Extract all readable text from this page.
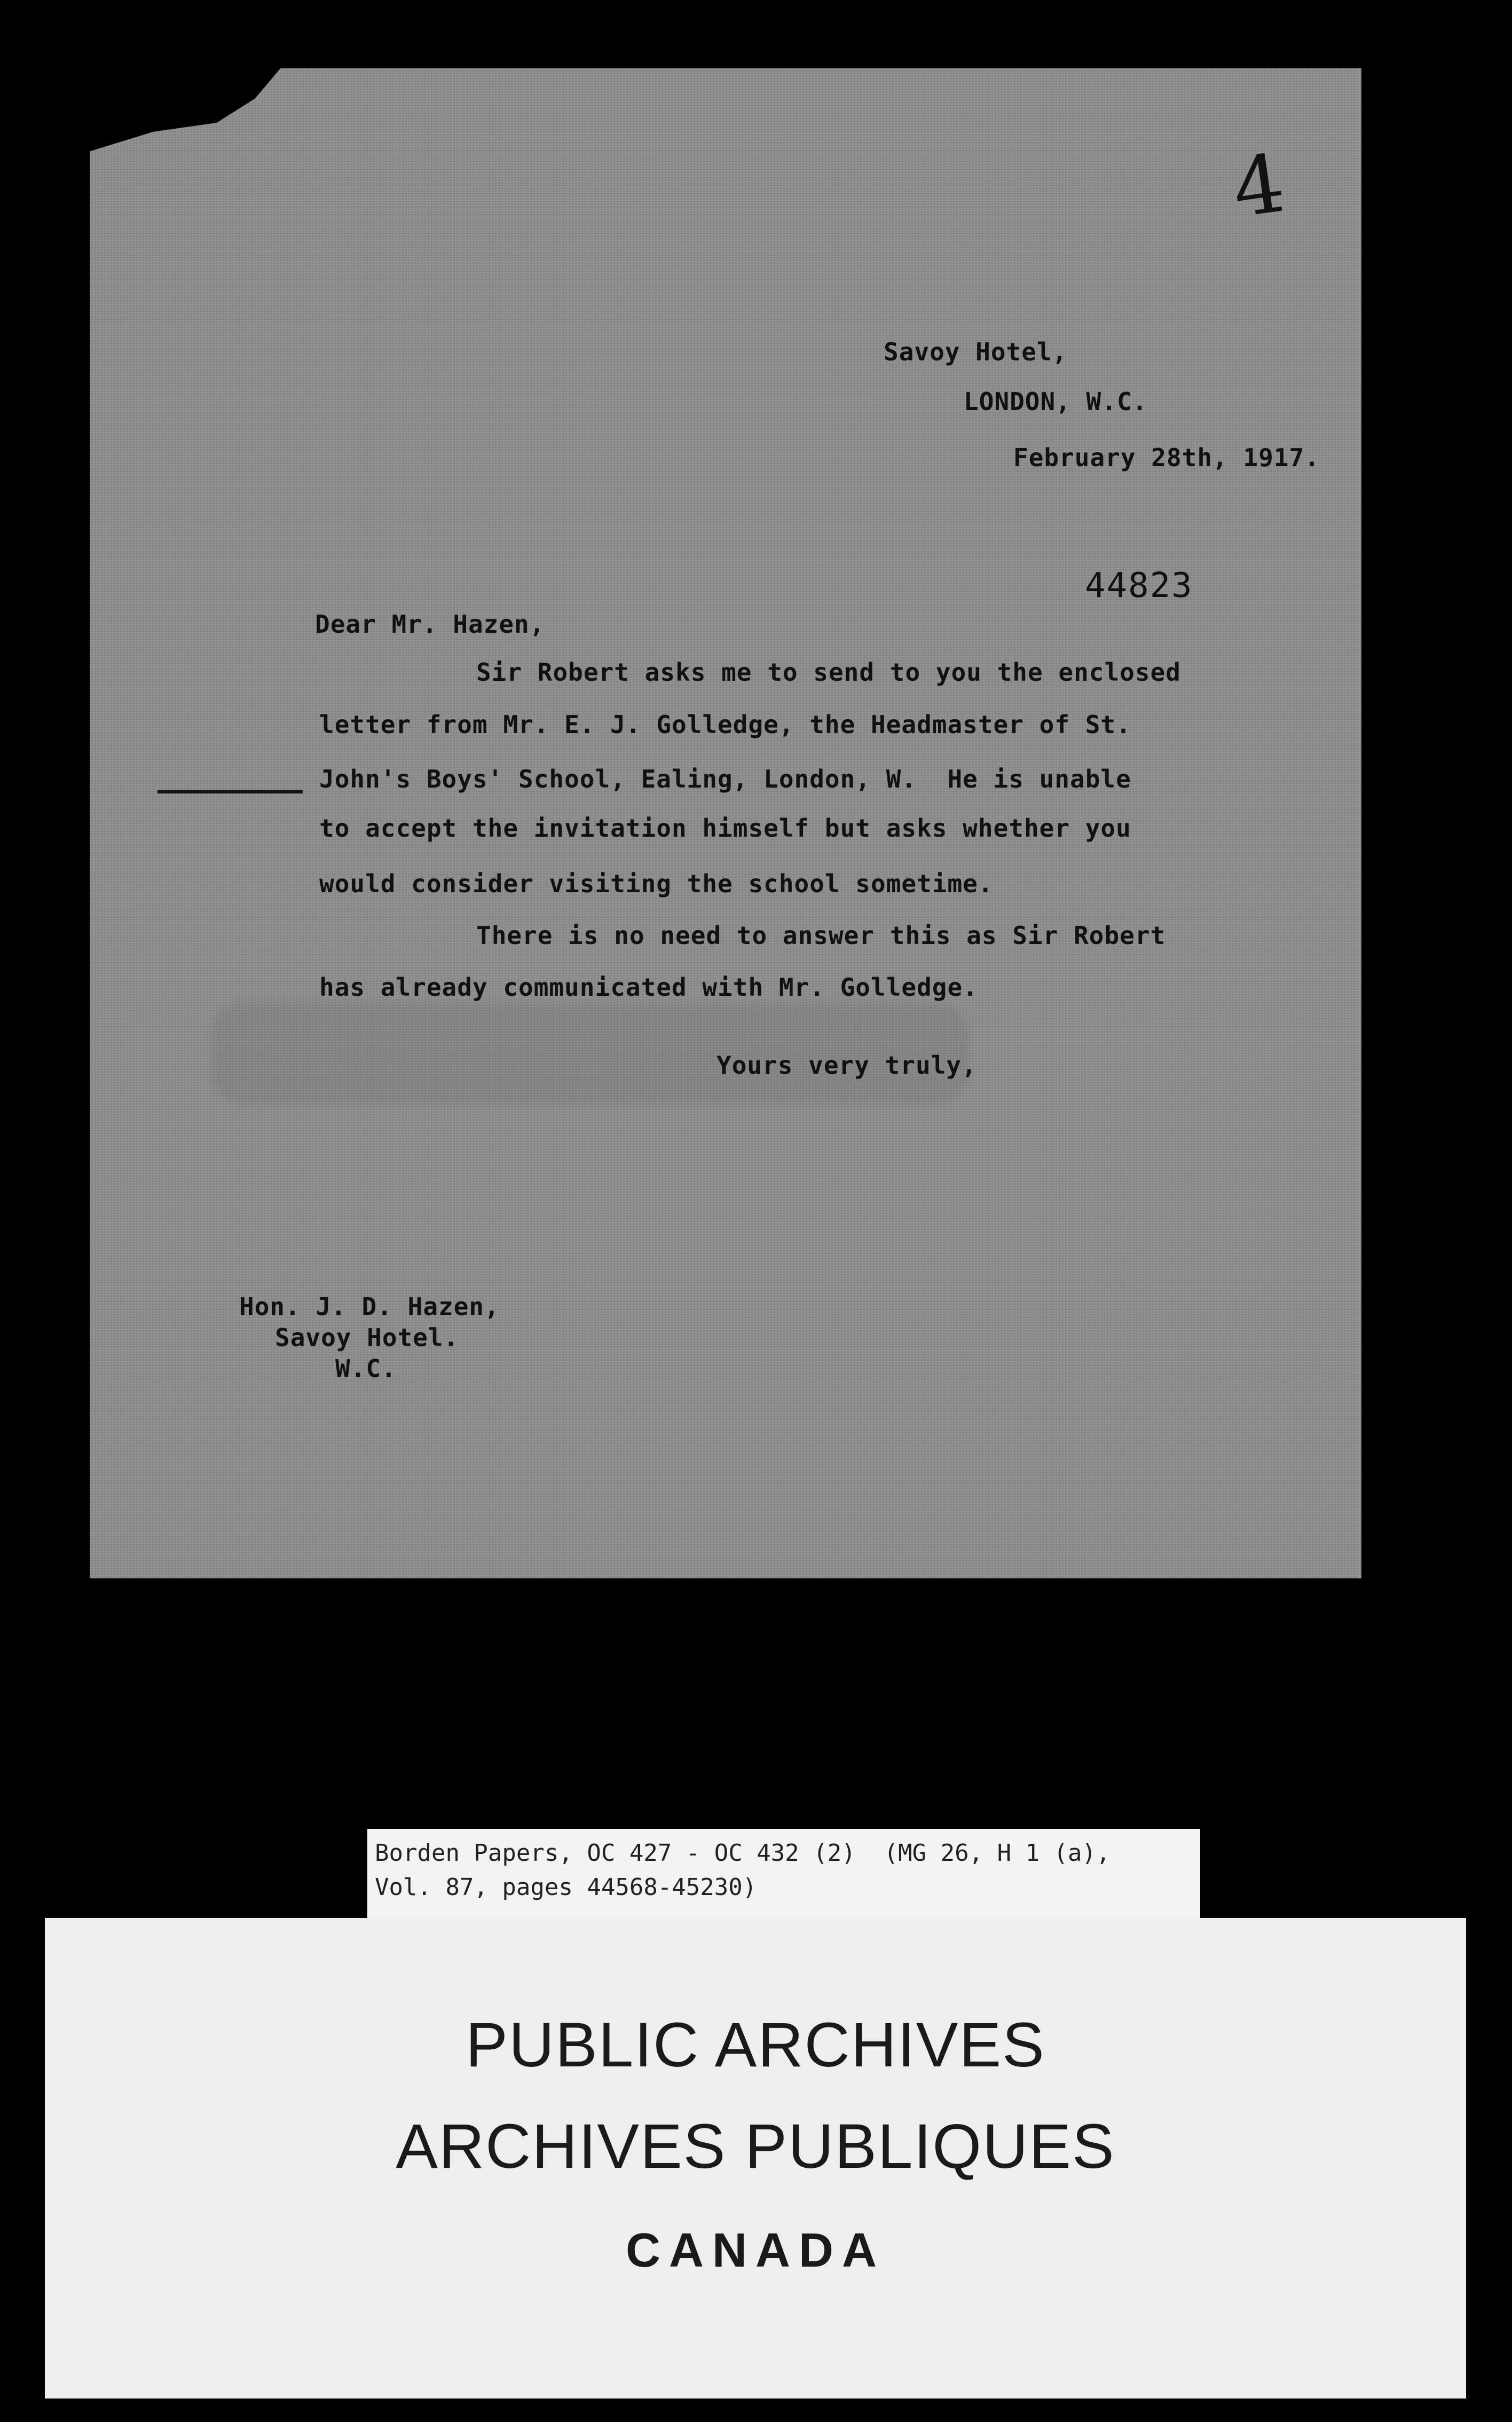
4
Savoy Hotel,
LONDON, W.C.
February 28th, 1917.
44823
Dear Mr. Hazen,
Sir Robert asks me to send to you the enclosed
letter from Mr. E. J. Golledge, the Headmaster of St.
John's Boys' School, Ealing, London, W.  He is unable
to accept the invitation himself but asks whether you
would consider visiting the school sometime.
There is no need to answer this as Sir Robert
has already communicated with Mr. Golledge.
Yours very truly,
Hon. J. D. Hazen,
Savoy Hotel.
W.C.
Borden Papers, OC 427 - OC 432 (2)  (MG 26, H 1 (a),
Vol. 87, pages 44568-45230)
PUBLIC ARCHIVES
ARCHIVES PUBLIQUES
CANADA
